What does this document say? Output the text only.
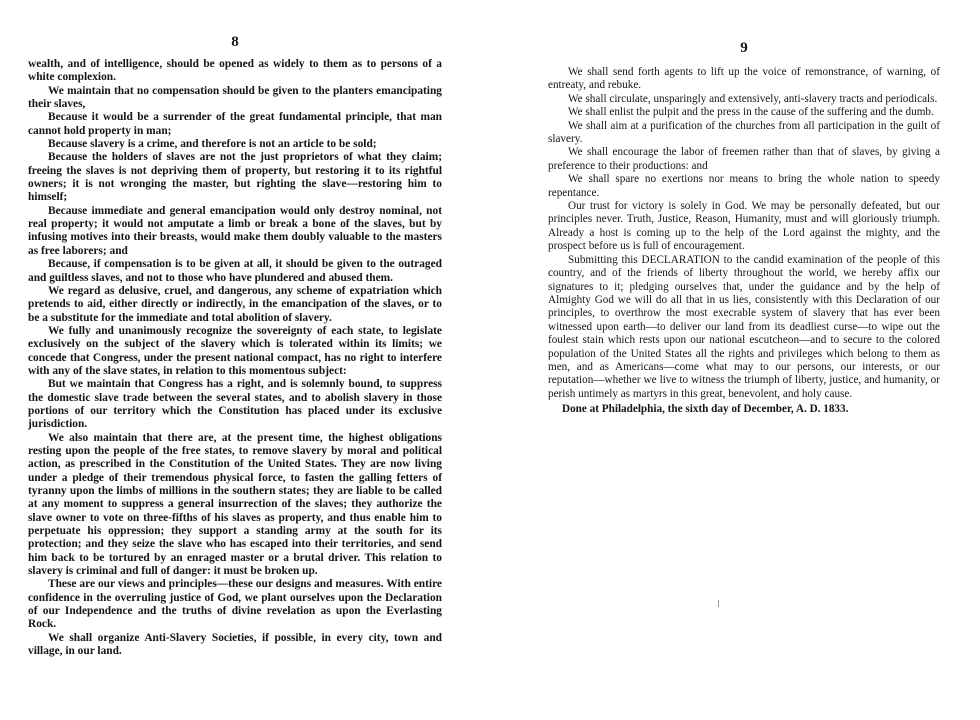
8

wealth, and of intelligence, should be opened as widely to them as to persons of a white complexion.

We maintain that no compensation should be given to the planters emancipating their slaves,

Because it would be a surrender of the great fundamental principle, that man cannot hold property in man;

Because slavery is a crime, and therefore is not an article to be sold;

Because the holders of slaves are not the just proprietors of what they claim; freeing the slaves is not depriving them of property, but restoring it to its rightful owners; it is not wronging the master, but righting the slave—restoring him to himself;

Because immediate and general emancipation would only destroy nominal, not real property; it would not amputate a limb or break a bone of the slaves, but by infusing motives into their breasts, would make them doubly valuable to the masters as free laborers; and

Because, if compensation is to be given at all, it should be given to the outraged and guiltless slaves, and not to those who have plundered and abused them.

We regard as delusive, cruel, and dangerous, any scheme of expatriation which pretends to aid, either directly or indirectly, in the emancipation of the slaves, or to be a substitute for the immediate and total abolition of slavery.

We fully and unanimously recognize the sovereignty of each state, to legislate exclusively on the subject of the slavery which is tolerated within its limits; we concede that Congress, under the present national compact, has no right to interfere with any of the slave states, in relation to this momentous subject:

But we maintain that Congress has a right, and is solemnly bound, to suppress the domestic slave trade between the several states, and to abolish slavery in those portions of our territory which the Constitution has placed under its exclusive jurisdiction.

We also maintain that there are, at the present time, the highest obligations resting upon the people of the free states, to remove slavery by moral and political action, as prescribed in the Constitution of the United States. They are now living under a pledge of their tremendous physical force, to fasten the galling fetters of tyranny upon the limbs of millions in the southern states; they are liable to be called at any moment to suppress a general insurrection of the slaves; they authorize the slave owner to vote on three-fifths of his slaves as property, and thus enable him to perpetuate his oppression; they support a standing army at the south for its protection; and they seize the slave who has escaped into their territories, and send him back to be tortured by an enraged master or a brutal driver. This relation to slavery is criminal and full of danger: it must be broken up.

These are our views and principles—these our designs and measures. With entire confidence in the overruling justice of God, we plant ourselves upon the Declaration of our Independence and the truths of divine revelation as upon the Everlasting Rock.

We shall organize Anti-Slavery Societies, if possible, in every city, town and village, in our land.

9

We shall send forth agents to lift up the voice of remonstrance, of warning, of entreaty, and rebuke.

We shall circulate, unsparingly and extensively, anti-slavery tracts and periodicals.

We shall enlist the pulpit and the press in the cause of the suffering and the dumb.

We shall aim at a purification of the churches from all participation in the guilt of slavery.

We shall encourage the labor of freemen rather than that of slaves, by giving a preference to their productions: and

We shall spare no exertions nor means to bring the whole nation to speedy repentance.

Our trust for victory is solely in God. We may be personally defeated, but our principles never. Truth, Justice, Reason, Humanity, must and will gloriously triumph. Already a host is coming up to the help of the Lord against the mighty, and the prospect before us is full of encouragement.

Submitting this DECLARATION to the candid examination of the people of this country, and of the friends of liberty throughout the world, we hereby affix our signatures to it; pledging ourselves that, under the guidance and by the help of Almighty God we will do all that in us lies, consistently with this Declaration of our principles, to overthrow the most execrable system of slavery that has ever been witnessed upon earth—to deliver our land from its deadliest curse—to wipe out the foulest stain which rests upon our national escutcheon—and to secure to the colored population of the United States all the rights and privileges which belong to them as men, and as Americans—come what may to our persons, our interests, or our reputation—whether we live to witness the triumph of liberty, justice, and humanity, or perish untimely as martyrs in this great, benevolent, and holy cause.

Done at Philadelphia, the sixth day of December, A. D. 1833.
